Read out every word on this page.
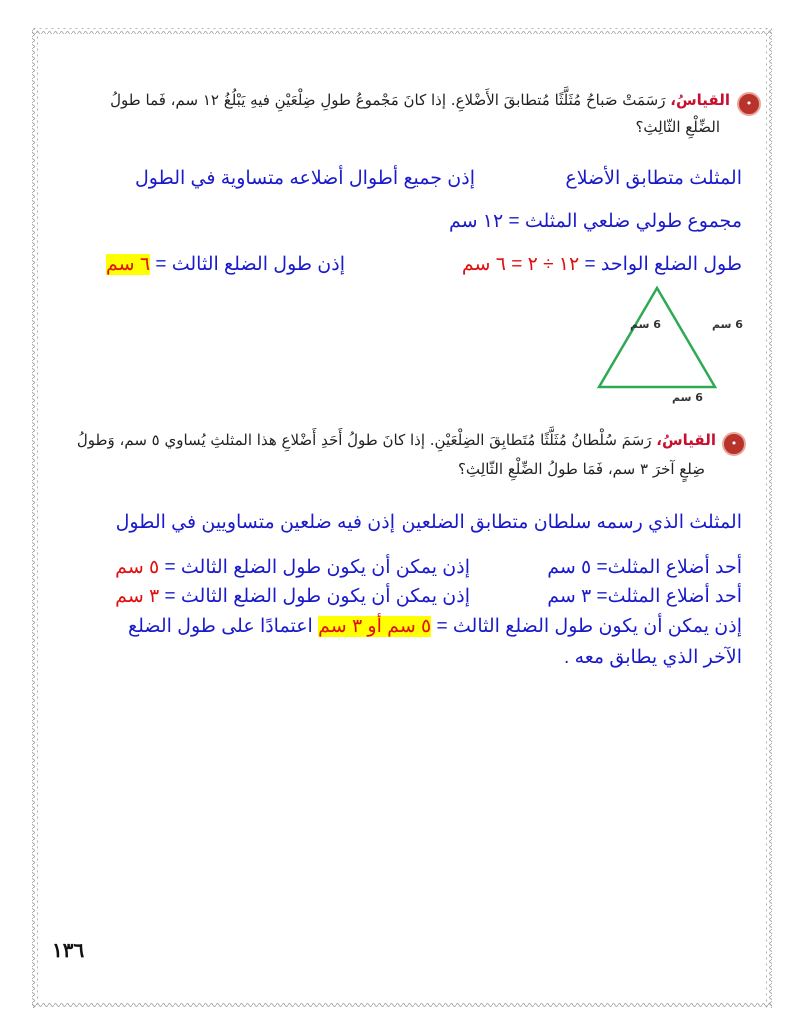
•
القياسُ، رَسَمَتْ صَباحُ مُثَلَّثًا مُتطابقَ الأَضْلاعِ. إذا كانَ مَجْموعُ طولِ ضِلْعَيْنِ فيهِ يَبْلُغُ ١٢ سم، فَما طولُ
الضِّلْعِ الثّالِثِ؟
المثلث متطابق الأضلاع
إذن جميع أطوال أضلاعه متساوية في الطول
مجموع طولي ضلعي المثلث = ١٢ سم
طول الضلع الواحد = ١٢ ÷ ٢ = ٦ سم
إذن طول الضلع الثالث = ٦ سم
6 سم	6 سم
6 سم
•
القياسُ، رَسَمَ سُلْطانُ مُثَلَّثًا مُتَطابِقَ الضِلْعَيْنِ. إذا كانَ طولُ أَحَدِ أَضْلاعِ هذا المثلثِ يُساوي ٥ سم، وَطولُ
ضِلعٍ آخرَ ٣ سم، فَمَا طولُ الضِّلْعِ الثّالِثِ؟
المثلث الذي رسمه سلطان متطابق الضلعين
إذن فيه ضلعين متساويين في الطول
أحد أضلاع المثلث= ٥ سم
إذن يمكن أن يكون طول الضلع الثالث = ٥ سم
أحد أضلاع المثلث= ٣ سم
إذن يمكن أن يكون طول الضلع الثالث = ٣ سم
إذن يمكن أن يكون طول الضلع الثالث = ٥ سم أو ٣ سم اعتمادًا على طول الضلع
الآخر الذي يطابق معه .
١٣٦
